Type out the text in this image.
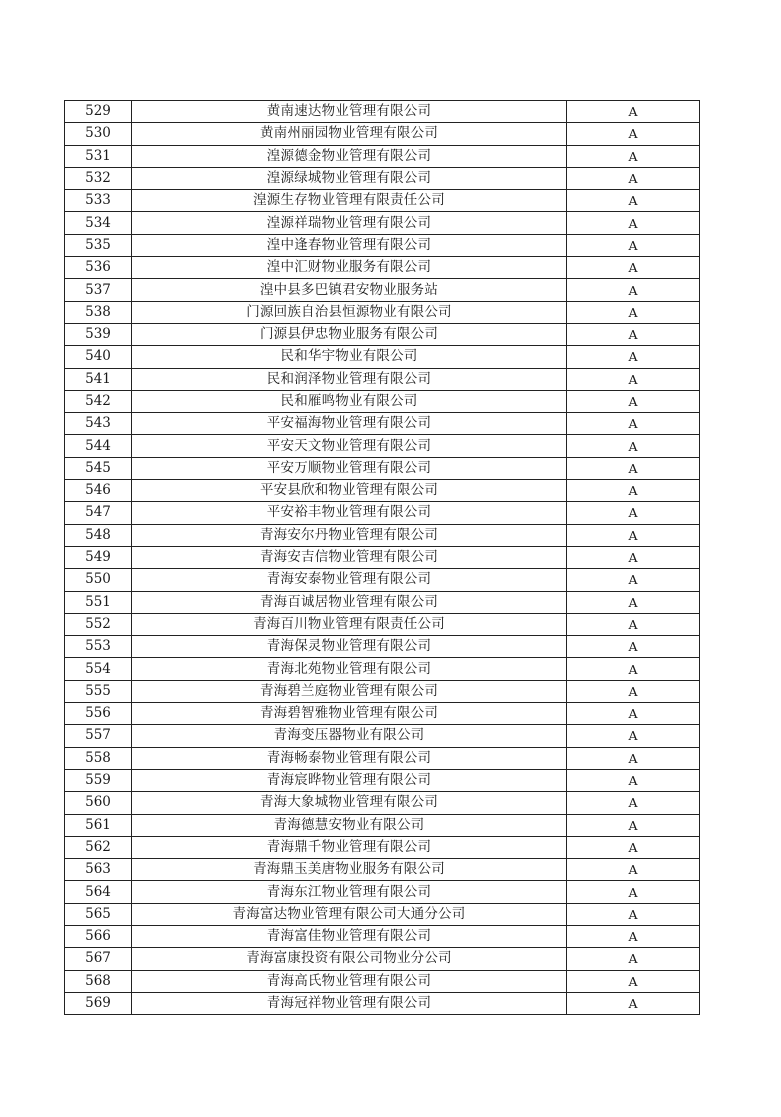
529	黄南速达物业管理有限公司	A
530	黄南州丽园物业管理有限公司	A
531	湟源德金物业管理有限公司	A
532	湟源绿城物业管理有限公司	A
533	湟源生存物业管理有限责任公司	A
534	湟源祥瑞物业管理有限公司	A
535	湟中逢春物业管理有限公司	A
536	湟中汇财物业服务有限公司	A
537	湟中县多巴镇君安物业服务站	A
538	门源回族自治县恒源物业有限公司	A
539	门源县伊忠物业服务有限公司	A
540	民和华宇物业有限公司	A
541	民和润泽物业管理有限公司	A
542	民和雁鸣物业有限公司	A
543	平安福海物业管理有限公司	A
544	平安天文物业管理有限公司	A
545	平安万顺物业管理有限公司	A
546	平安县欣和物业管理有限公司	A
547	平安裕丰物业管理有限公司	A
548	青海安尔丹物业管理有限公司	A
549	青海安吉信物业管理有限公司	A
550	青海安泰物业管理有限公司	A
551	青海百诚居物业管理有限公司	A
552	青海百川物业管理有限责任公司	A
553	青海保灵物业管理有限公司	A
554	青海北苑物业管理有限公司	A
555	青海碧兰庭物业管理有限公司	A
556	青海碧智雅物业管理有限公司	A
557	青海变压器物业有限公司	A
558	青海畅泰物业管理有限公司	A
559	青海宸晔物业管理有限公司	A
560	青海大象城物业管理有限公司	A
561	青海德慧安物业有限公司	A
562	青海鼎千物业管理有限公司	A
563	青海鼎玉美唐物业服务有限公司	A
564	青海东江物业管理有限公司	A
565	青海富达物业管理有限公司大通分公司	A
566	青海富佳物业管理有限公司	A
567	青海富康投资有限公司物业分公司	A
568	青海高氏物业管理有限公司	A
569	青海冠祥物业管理有限公司	A
